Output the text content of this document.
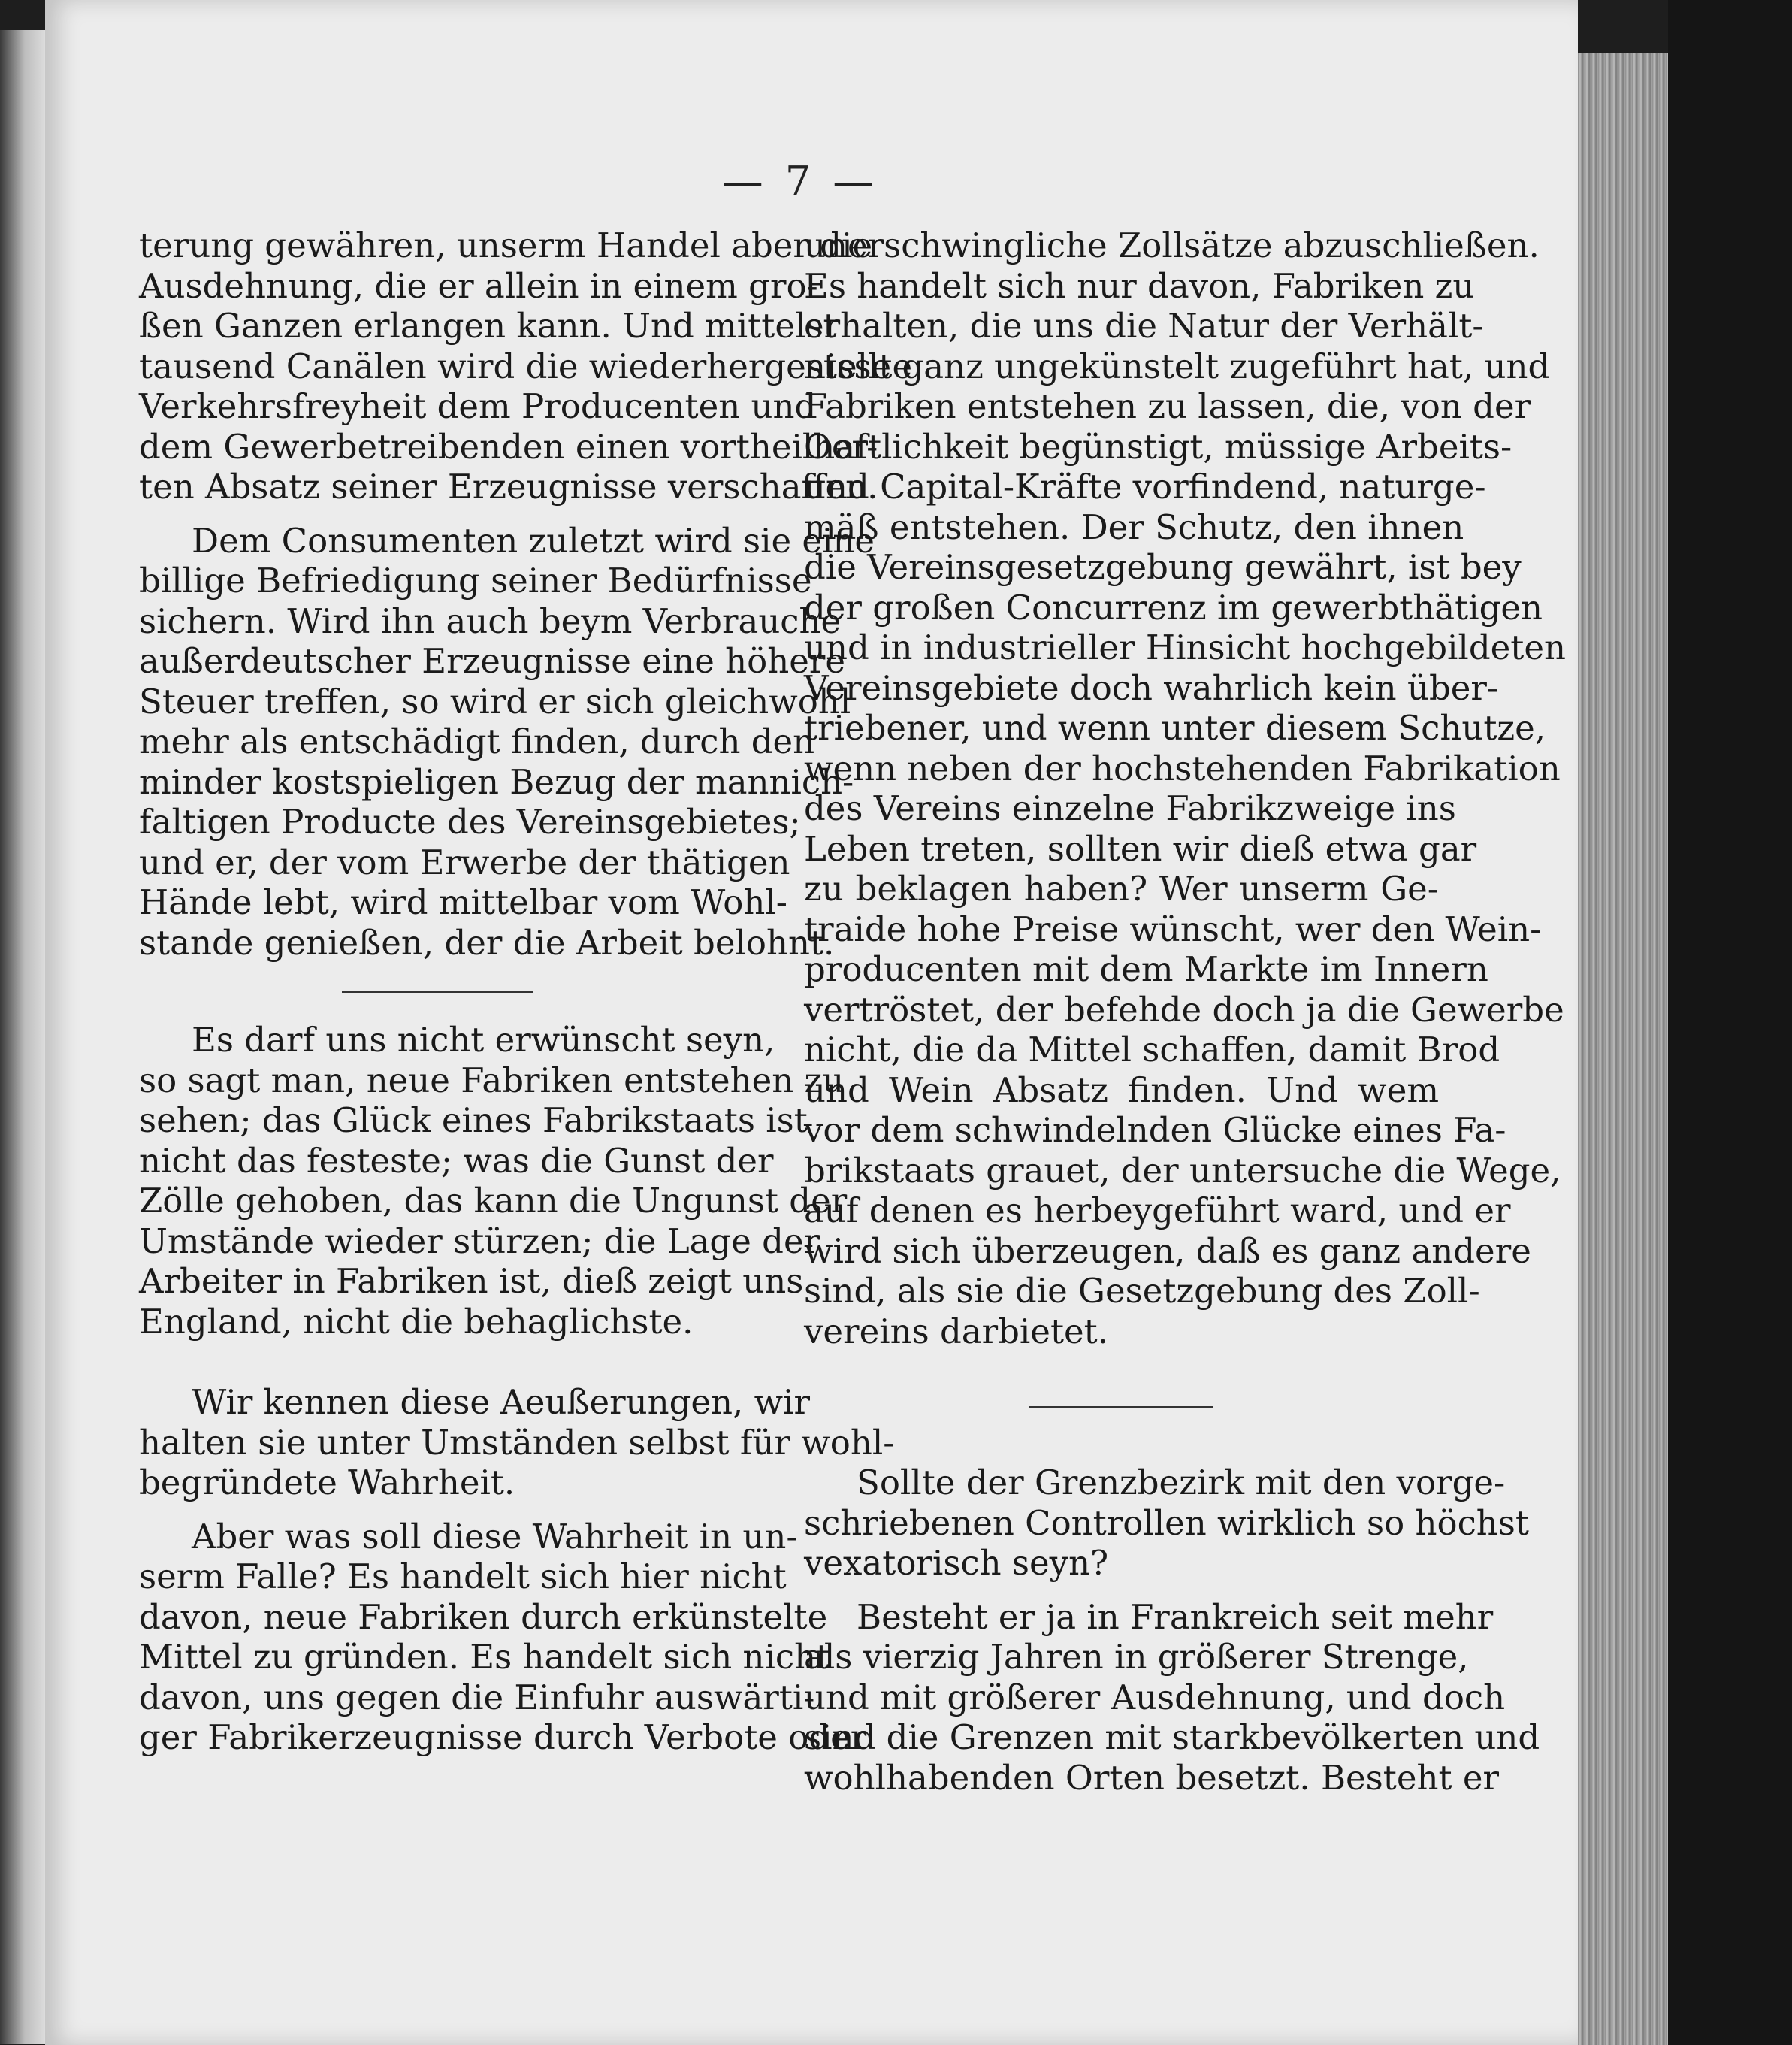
— 7 —
terung gewähren, unserm Handel aber die
Ausdehnung, die er allein in einem gro-
ßen Ganzen erlangen kann. Und mittelst
tausend Canälen wird die wiederhergestellte
Verkehrsfreyheit dem Producenten und
dem Gewerbetreibenden einen vortheilhaf-
ten Absatz seiner Erzeugnisse verschaffen.
Dem Consumenten zuletzt wird sie eine
billige Befriedigung seiner Bedürfnisse
sichern. Wird ihn auch beym Verbrauche
außerdeutscher Erzeugnisse eine höhere
Steuer treffen, so wird er sich gleichwohl
mehr als entschädigt finden, durch den
minder kostspieligen Bezug der mannich-
faltigen Producte des Vereinsgebietes;
und er, der vom Erwerbe der thätigen
Hände lebt, wird mittelbar vom Wohl-
stande genießen, der die Arbeit belohnt.
Es darf uns nicht erwünscht seyn,
so sagt man, neue Fabriken entstehen zu
sehen; das Glück eines Fabrikstaats ist
nicht das festeste; was die Gunst der
Zölle gehoben, das kann die Ungunst der
Umstände wieder stürzen; die Lage der
Arbeiter in Fabriken ist, dieß zeigt uns
England, nicht die behaglichste.
Wir kennen diese Aeußerungen, wir
halten sie unter Umständen selbst für wohl-
begründete Wahrheit.
Aber was soll diese Wahrheit in un-
serm Falle? Es handelt sich hier nicht
davon, neue Fabriken durch erkünstelte
Mittel zu gründen. Es handelt sich nicht
davon, uns gegen die Einfuhr auswärti-
ger Fabrikerzeugnisse durch Verbote oder
unerschwingliche Zollsätze abzuschließen.
Es handelt sich nur davon, Fabriken zu
erhalten, die uns die Natur der Verhält-
nisse ganz ungekünstelt zugeführt hat, und
Fabriken entstehen zu lassen, die, von der
Oertlichkeit begünstigt, müssige Arbeits-
und Capital-Kräfte vorfindend, naturge-
mäß entstehen. Der Schutz, den ihnen
die Vereinsgesetzgebung gewährt, ist bey
der großen Concurrenz im gewerbthätigen
und in industrieller Hinsicht hochgebildeten
Vereinsgebiete doch wahrlich kein über-
triebener, und wenn unter diesem Schutze,
wenn neben der hochstehenden Fabrikation
des Vereins einzelne Fabrikzweige ins
Leben treten, sollten wir dieß etwa gar
zu beklagen haben? Wer unserm Ge-
traide hohe Preise wünscht, wer den Wein-
producenten mit dem Markte im Innern
vertröstet, der befehde doch ja die Gewerbe
nicht, die da Mittel schaffen, damit Brod
und Wein Absatz finden. Und wem
vor dem schwindelnden Glücke eines Fa-
brikstaats grauet, der untersuche die Wege,
auf denen es herbeygeführt ward, und er
wird sich überzeugen, daß es ganz andere
sind, als sie die Gesetzgebung des Zoll-
vereins darbietet.
Sollte der Grenzbezirk mit den vorge-
schriebenen Controllen wirklich so höchst
vexatorisch seyn?
Besteht er ja in Frankreich seit mehr
als vierzig Jahren in größerer Strenge,
und mit größerer Ausdehnung, und doch
sind die Grenzen mit starkbevölkerten und
wohlhabenden Orten besetzt. Besteht er
